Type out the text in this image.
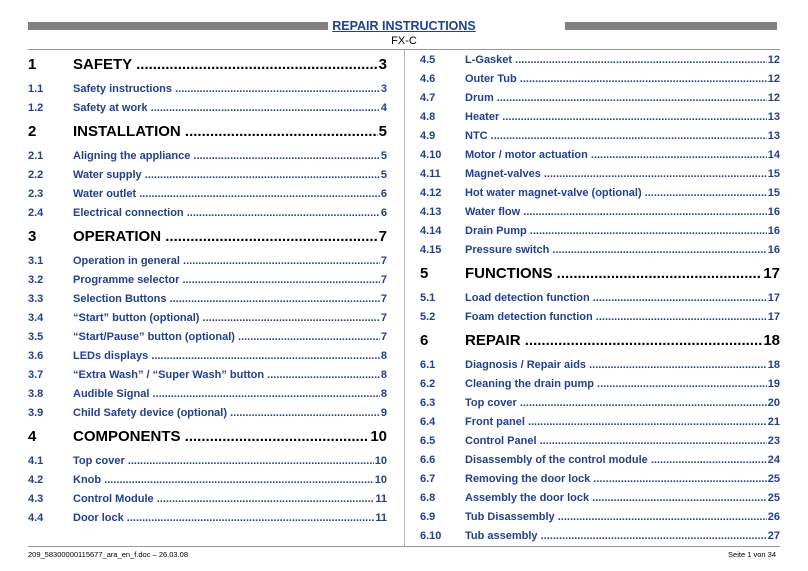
REPAIR INSTRUCTIONS
FX-C
1	SAFETY .....	3
1.1	Safety instructions .....	3
1.2	Safety at work .....	4
2	INSTALLATION .....	5
2.1	Aligning the appliance .....	5
2.2	Water supply .....	5
2.3	Water outlet .....	6
2.4	Electrical connection .....	6
3	OPERATION .....	7
3.1	Operation in general .....	7
3.2	Programme selector .....	7
3.3	Selection Buttons .....	7
3.4	“Start” button (optional) .....	7
3.5	“Start/Pause” button (optional) .....	7
3.6	LEDs displays .....	8
3.7	“Extra Wash” / “Super Wash” button .....	8
3.8	Audible Signal .....	8
3.9	Child Safety device (optional) .....	9
4	COMPONENTS .....	10
4.1	Top cover .....	10
4.2	Knob .....	10
4.3	Control Module .....	11
4.4	Door lock .....	11
4.5	L-Gasket .....	12
4.6	Outer Tub .....	12
4.7	Drum .....	12
4.8	Heater .....	13
4.9	NTC .....	13
4.10	Motor / motor actuation .....	14
4.11	Magnet-valves .....	15
4.12	Hot water magnet-valve (optional) .....	15
4.13	Water flow .....	16
4.14	Drain Pump .....	16
4.15	Pressure switch .....	16
5	FUNCTIONS .....	17
5.1	Load detection function .....	17
5.2	Foam detection function .....	17
6	REPAIR .....	18
6.1	Diagnosis / Repair aids .....	18
6.2	Cleaning the drain pump .....	19
6.3	Top cover .....	20
6.4	Front panel .....	21
6.5	Control Panel .....	23
6.6	Disassembly of the control module .....	24
6.7	Removing the door lock .....	25
6.8	Assembly the door lock .....	25
6.9	Tub Disassembly .....	26
6.10	Tub assembly .....	27
209_58300000115677_ara_en_f.doc – 26.03.08	Seite 1 von 34
